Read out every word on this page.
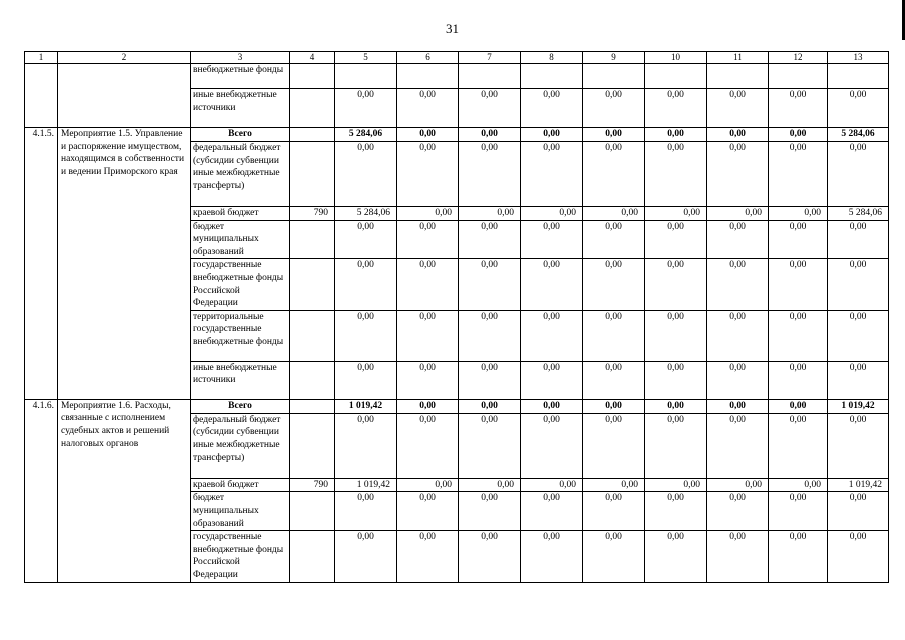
31
1	2	3	4	5	6	7	8	9	10	11	12	13
		внебюджетные фонды										
		иные внебюджетные источники		0,00	0,00	0,00	0,00	0,00	0,00	0,00	0,00	0,00
4.1.5.	Мероприятие 1.5. Управление и распоряжение имуществом, находящимся в собственности и ведении Приморского края	Всего		5 284,06	0,00	0,00	0,00	0,00	0,00	0,00	0,00	5 284,06
		федеральный бюджет (субсидии субвенции иные межбюджетные трансферты)		0,00	0,00	0,00	0,00	0,00	0,00	0,00	0,00	0,00
		краевой бюджет	790	5 284,06	0,00	0,00	0,00	0,00	0,00	0,00	0,00	5 284,06
		бюджет муниципальных образований		0,00	0,00	0,00	0,00	0,00	0,00	0,00	0,00	0,00
		государственные внебюджетные фонды Российской Федерации		0,00	0,00	0,00	0,00	0,00	0,00	0,00	0,00	0,00
		территориальные государственные внебюджетные фонды		0,00	0,00	0,00	0,00	0,00	0,00	0,00	0,00	0,00
		иные внебюджетные источники		0,00	0,00	0,00	0,00	0,00	0,00	0,00	0,00	0,00
4.1.6.	Мероприятие 1.6. Расходы, связанные с исполнением судебных актов и решений налоговых органов	Всего		1 019,42	0,00	0,00	0,00	0,00	0,00	0,00	0,00	1 019,42
		федеральный бюджет (субсидии субвенции иные межбюджетные трансферты)		0,00	0,00	0,00	0,00	0,00	0,00	0,00	0,00	0,00
		краевой бюджет	790	1 019,42	0,00	0,00	0,00	0,00	0,00	0,00	0,00	1 019,42
		бюджет муниципальных образований		0,00	0,00	0,00	0,00	0,00	0,00	0,00	0,00	0,00
		государственные внебюджетные фонды Российской Федерации		0,00	0,00	0,00	0,00	0,00	0,00	0,00	0,00	0,00
